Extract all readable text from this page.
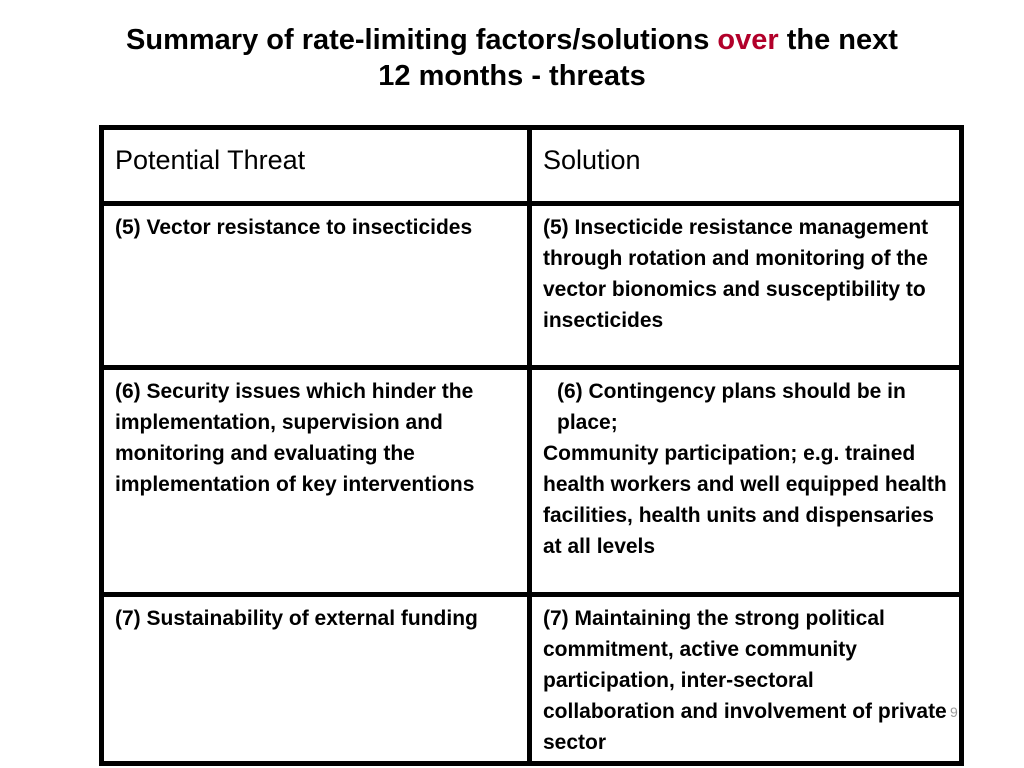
Summary of rate-limiting factors/solutions over the next
12 months - threats
Potential Threat	Solution
(5) Vector resistance to insecticides	(5) Insecticide resistance management through rotation and monitoring of the vector bionomics and susceptibility to insecticides
(6) Security issues which hinder the implementation, supervision and monitoring and evaluating the implementation of key interventions	(6) Contingency plans should be in place;
Community participation; e.g. trained health workers and well equipped health facilities, health units and dispensaries at all levels

(7) Sustainability of external funding	(7) Maintaining the strong political commitment, active community participation, inter-sectoral collaboration and involvement of private sector
9
